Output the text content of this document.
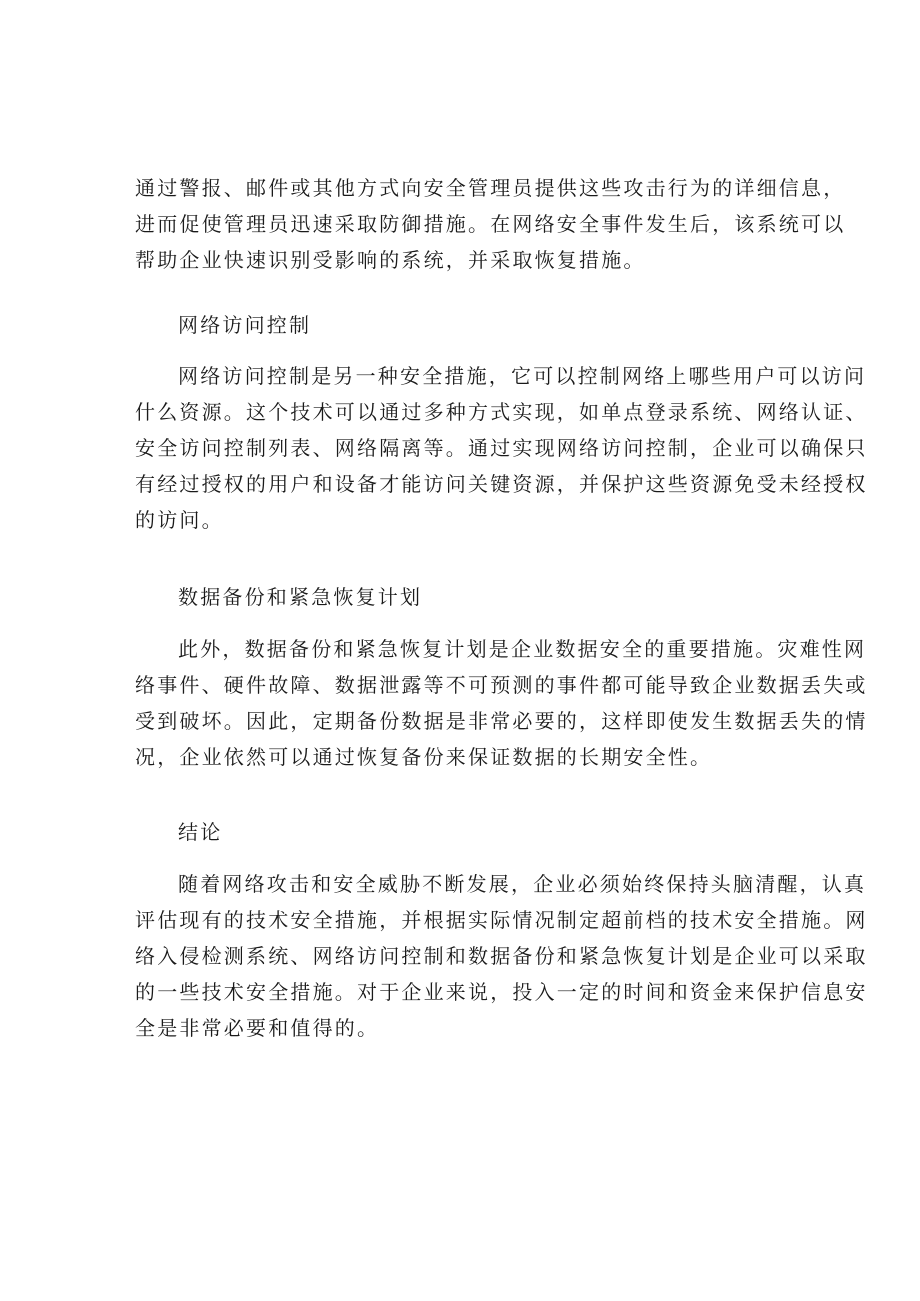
通过警报、邮件或其他方式向安全管理员提供这些攻击行为的详细信息，
进而促使管理员迅速采取防御措施。在网络安全事件发生后，该系统可以
帮助企业快速识别受影响的系统，并采取恢复措施。
网络访问控制
网络访问控制是另一种安全措施，它可以控制网络上哪些用户可以访问
什么资源。这个技术可以通过多种方式实现，如单点登录系统、网络认证、
安全访问控制列表、网络隔离等。通过实现网络访问控制，企业可以确保只
有经过授权的用户和设备才能访问关键资源，并保护这些资源免受未经授权
的访问。
数据备份和紧急恢复计划
此外，数据备份和紧急恢复计划是企业数据安全的重要措施。灾难性网
络事件、硬件故障、数据泄露等不可预测的事件都可能导致企业数据丢失或
受到破坏。因此，定期备份数据是非常必要的，这样即使发生数据丢失的情
况，企业依然可以通过恢复备份来保证数据的长期安全性。
结论
随着网络攻击和安全威胁不断发展，企业必须始终保持头脑清醒，认真
评估现有的技术安全措施，并根据实际情况制定超前档的技术安全措施。网
络入侵检测系统、网络访问控制和数据备份和紧急恢复计划是企业可以采取
的一些技术安全措施。对于企业来说，投入一定的时间和资金来保护信息安
全是非常必要和值得的。
